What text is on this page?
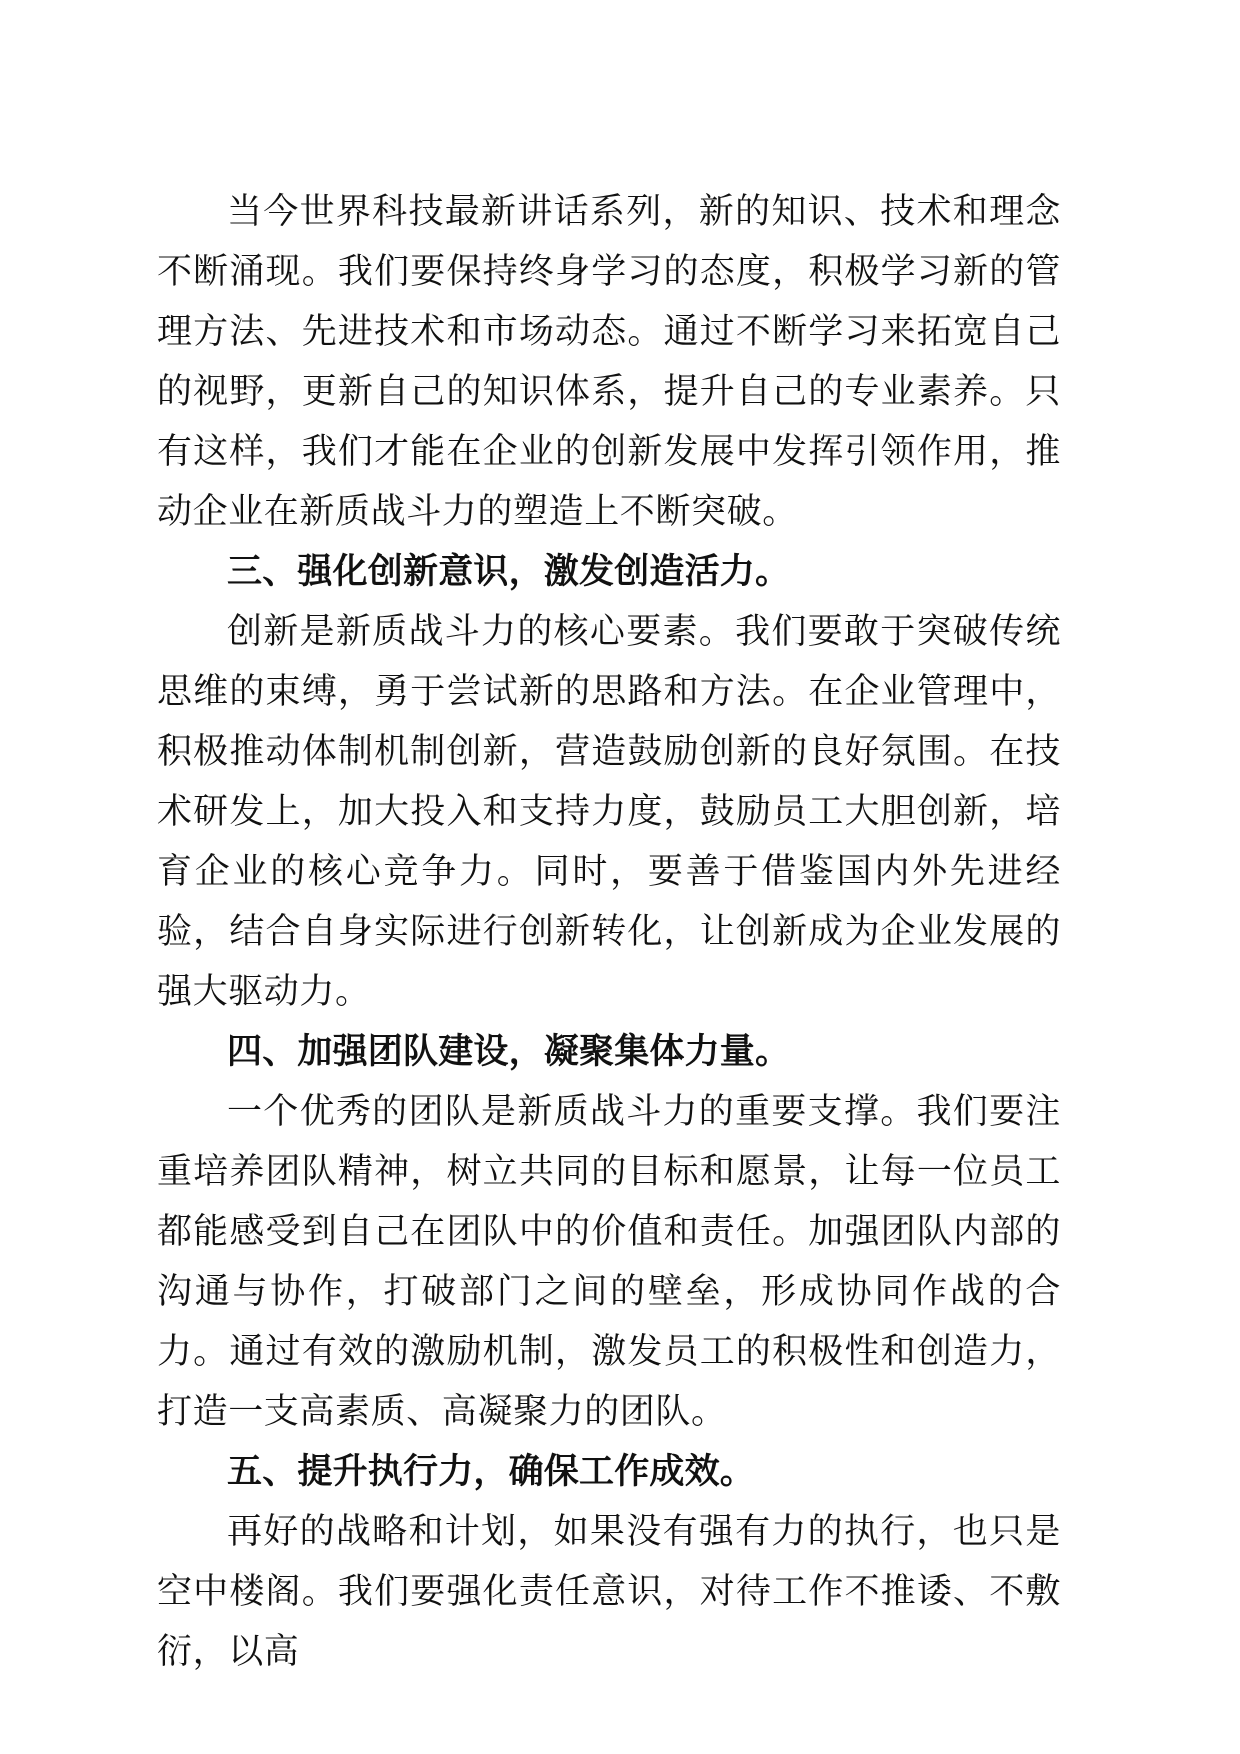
当今世界科技最新讲话系列，新的知识、技术和理念不断涌现。我们要保持终身学习的态度，积极学习新的管理方法、先进技术和市场动态。通过不断学习来拓宽自己的视野，更新自己的知识体系，提升自己的专业素养。只有这样，我们才能在企业的创新发展中发挥引领作用，推动企业在新质战斗力的塑造上不断突破。

三、强化创新意识，激发创造活力。

创新是新质战斗力的核心要素。我们要敢于突破传统思维的束缚，勇于尝试新的思路和方法。在企业管理中，积极推动体制机制创新，营造鼓励创新的良好氛围。在技术研发上，加大投入和支持力度，鼓励员工大胆创新，培育企业的核心竞争力。同时，要善于借鉴国内外先进经验，结合自身实际进行创新转化，让创新成为企业发展的强大驱动力。

四、加强团队建设，凝聚集体力量。

一个优秀的团队是新质战斗力的重要支撑。我们要注重培养团队精神，树立共同的目标和愿景，让每一位员工都能感受到自己在团队中的价值和责任。加强团队内部的沟通与协作，打破部门之间的壁垒，形成协同作战的合力。通过有效的激励机制，激发员工的积极性和创造力，打造一支高素质、高凝聚力的团队。

五、提升执行力，确保工作成效。

再好的战略和计划，如果没有强有力的执行，也只是空中楼阁。我们要强化责任意识，对待工作不推诿、不敷衍，以高
